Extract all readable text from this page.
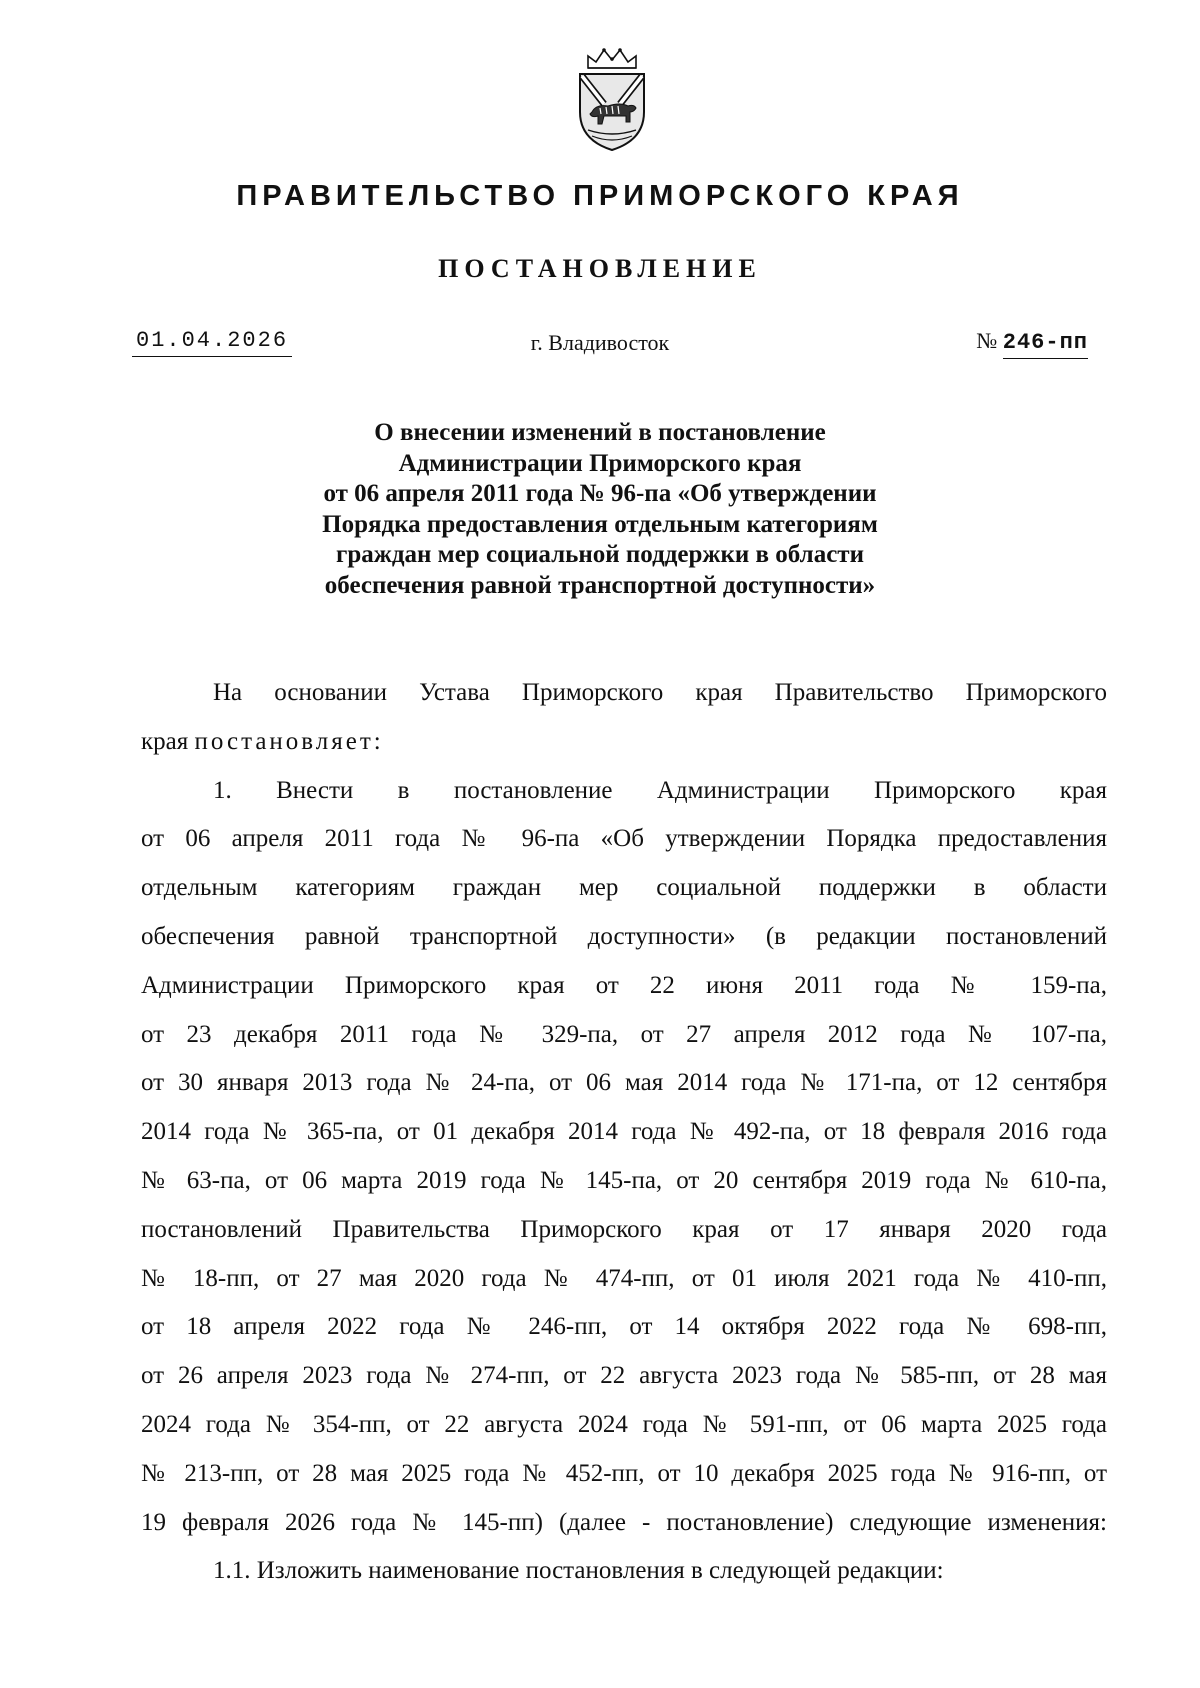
ПРАВИТЕЛЬСТВО ПРИМОРСКОГО КРАЯ
ПОСТАНОВЛЕНИЕ
01.04.2026	г. Владивосток	№ 246-пп
О внесении изменений в постановление
Администрации Приморского края
от 06 апреля 2011 года № 96-па «Об утверждении
Порядка предоставления отдельным категориям
граждан мер социальной поддержки в области
обеспечения равной транспортной доступности»
На основании Устава Приморского края Правительство Приморского
края постановляет:
1. Внести в постановление Администрации Приморского края
от 06 апреля 2011 года № 96-па «Об утверждении Порядка предоставления
отдельным категориям граждан мер социальной поддержки в области
обеспечения равной транспортной доступности» (в редакции постановлений
Администрации Приморского края от 22 июня 2011 года № 159-па,
от 23 декабря 2011 года № 329-па, от 27 апреля 2012 года № 107-па,
от 30 января 2013 года № 24-па, от 06 мая 2014 года № 171-па, от 12 сентября
2014 года № 365-па, от 01 декабря 2014 года № 492-па, от 18 февраля 2016 года
№ 63-па, от 06 марта 2019 года № 145-па, от 20 сентября 2019 года № 610-па,
постановлений Правительства Приморского края от 17 января 2020 года
№ 18-пп, от 27 мая 2020 года № 474-пп, от 01 июля 2021 года № 410-пп,
от 18 апреля 2022 года № 246-пп, от 14 октября 2022 года № 698-пп,
от 26 апреля 2023 года № 274-пп, от 22 августа 2023 года № 585-пп, от 28 мая
2024 года № 354-пп, от 22 августа 2024 года № 591-пп, от 06 марта 2025 года
№ 213-пп, от 28 мая 2025 года № 452-пп, от 10 декабря 2025 года № 916-пп, от
19 февраля 2026 года № 145-пп) (далее - постановление) следующие изменения:
1.1. Изложить наименование постановления в следующей редакции:
